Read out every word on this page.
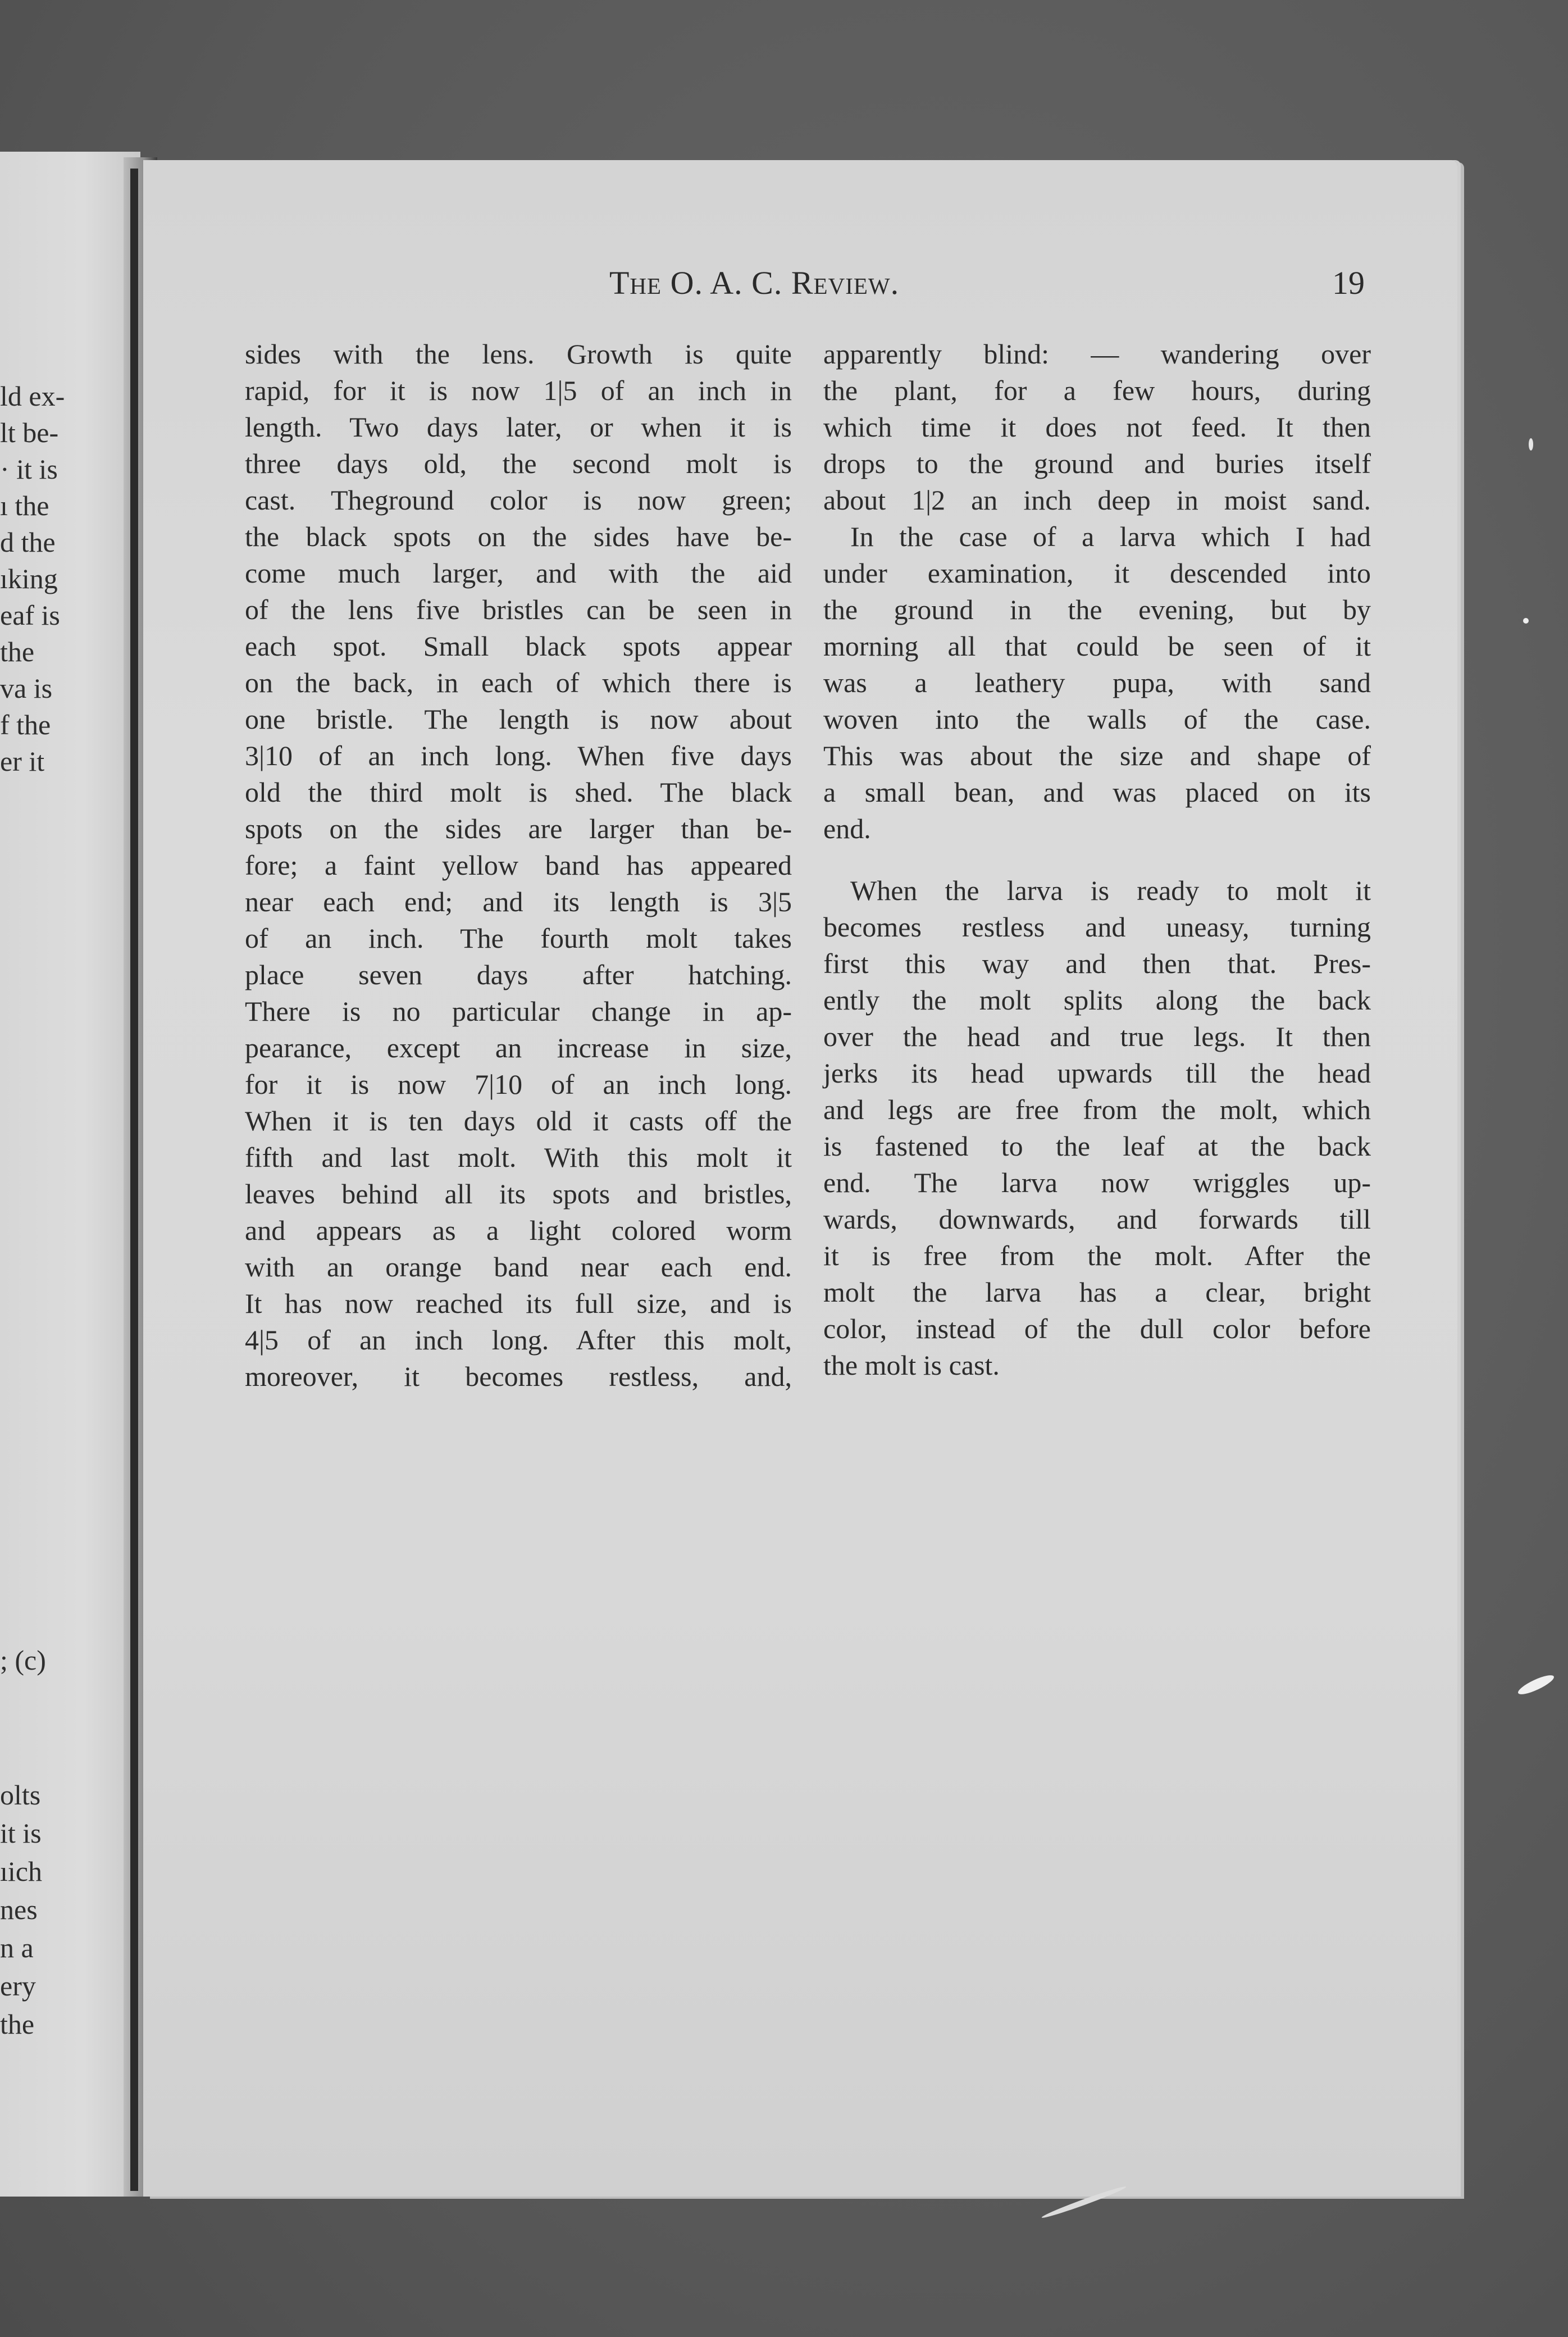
ld ex-
lt be-
· it is
ı the
d the
ıking
eaf is
the
va is
f the
er it
; (c)
olts
it is
ıich
nes
n a
ery
the
The O. A. C. Review.	19
sides with the lens. Growth is quite
rapid, for it is now 1|5 of an inch in
length. Two days later, or when it is
three days old, the second molt is
cast. Theground color is now green;
the black spots on the sides have be-
come much larger, and with the aid
of the lens five bristles can be seen in
each spot. Small black spots appear
on the back, in each of which there is
one bristle. The length is now about
3|10 of an inch long. When five days
old the third molt is shed. The black
spots on the sides are larger than be-
fore; a faint yellow band has appeared
near each end; and its length is 3|5
of an inch. The fourth molt takes
place seven days after hatching.
There is no particular change in ap-
pearance, except an increase in size,
for it is now 7|10 of an inch long.
When it is ten days old it casts off the
fifth and last molt. With this molt it
leaves behind all its spots and bristles,
and appears as a light colored worm
with an orange band near each end.
It has now reached its full size, and is
4|5 of an inch long. After this molt,
moreover, it becomes restless, and,
apparently blind: — wandering over
the plant, for a few hours, during
which time it does not feed. It then
drops to the ground and buries itself
about 1|2 an inch deep in moist sand.
In the case of a larva which I had
under examination, it descended into
the ground in the evening, but by
morning all that could be seen of it
was a leathery pupa, with sand
woven into the walls of the case.
This was about the size and shape of
a small bean, and was placed on its
end.
When the larva is ready to molt it
becomes restless and uneasy, turning
first this way and then that. Pres-
ently the molt splits along the back
over the head and true legs. It then
jerks its head upwards till the head
and legs are free from the molt, which
is fastened to the leaf at the back
end. The larva now wriggles up-
wards, downwards, and forwards till
it is free from the molt. After the
molt the larva has a clear, bright
color, instead of the dull color before
the molt is cast.
